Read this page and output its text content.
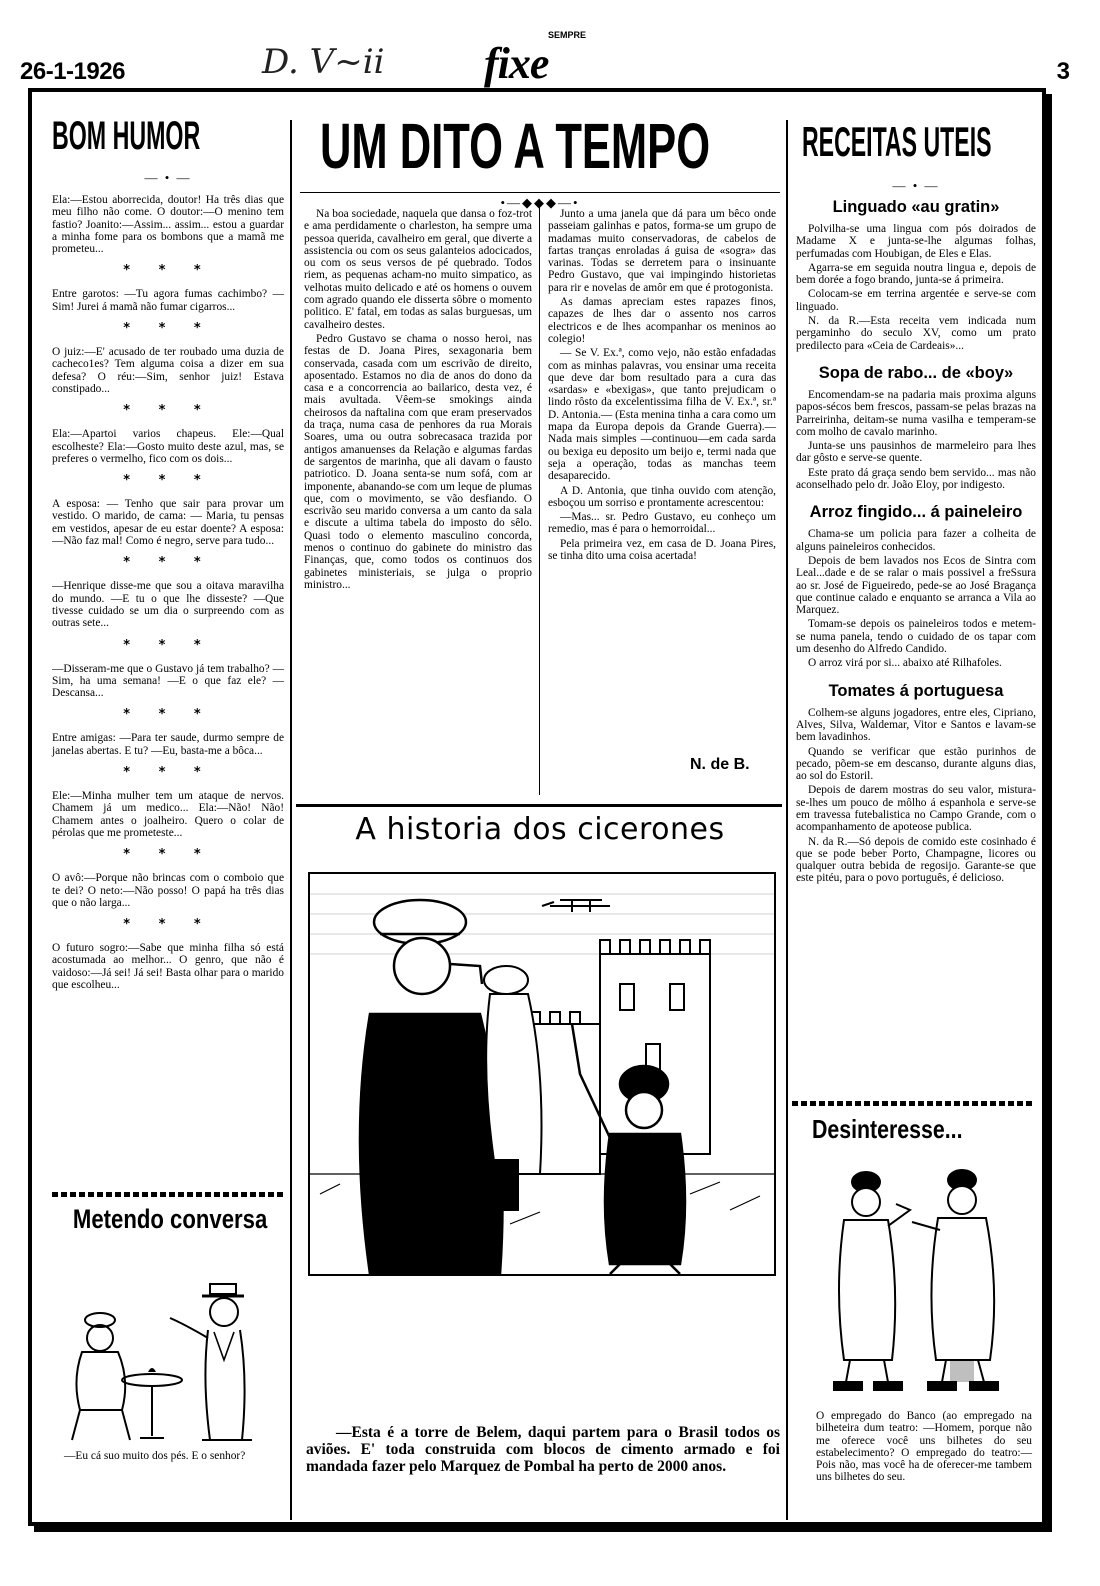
26-1-1926	D. V~ii
SEMPRE
fixe	3
BOM HUMOR
— • —

Ela:—Estou aborrecida, doutor! Ha três dias que meu filho não come. O doutor:—O menino tem fastio? Joanito:—Assim... assim... estou a guardar a minha fome para os bombons que a mamã me prometeu...

* * *

Entre garotos: —Tu agora fumas cachimbo? —Sim! Jurei á mamã não fumar cigarros...

* * *

O juiz:—E' acusado de ter roubado uma duzia de cacheco1es? Tem alguma coisa a dizer em sua defesa? O réu:—Sim, senhor juiz! Estava constipado...

* * *

Ela:—Apartoi varios chapeus. Ele:—Qual escolheste? Ela:—Gosto muito deste azul, mas, se preferes o vermelho, fico com os dois...

* * *

A esposa: — Tenho que sair para provar um vestido. O marido, de cama: — Maria, tu pensas em vestidos, apesar de eu estar doente? A esposa:—Não faz mal! Como é negro, serve para tudo...

* * *

—Henrique disse-me que sou a oitava maravilha do mundo. —E tu o que lhe disseste? —Que tivesse cuidado se um dia o surpreendo com as outras sete...

* * *

—Disseram-me que o Gustavo já tem trabalho? —Sim, ha uma semana! —E o que faz ele? —Descansa...

* * *

Entre amigas: —Para ter saude, durmo sempre de janelas abertas. E tu? —Eu, basta-me a bôca...

* * *

Ele:—Minha mulher tem um ataque de nervos. Chamem já um medico... Ela:—Não! Não! Chamem antes o joalheiro. Quero o colar de pérolas que me prometeste...

* * *

O avô:—Porque não brincas com o comboio que te dei? O neto:—Não posso! O papá ha três dias que o não larga...

* * *

O futuro sogro:—Sabe que minha filha só está acostumada ao melhor... O genro, que não é vaidoso:—Já sei! Já sei! Basta olhar para o marido que escolheu...

Metendo conversa
—Eu cá suo muito dos pés. E o senhor?
UM DITO A TEMPO
•—◆◆◆—•

Na boa sociedade, naquela que dansa o foz-trot e ama perdidamente o charleston, ha sempre uma pessoa querida, cavalheiro em geral, que diverte a assistencia ou com os seus galanteios adocicados, ou com os seus versos de pé quebrado. Todos riem, as pequenas acham-no muito simpatico, as velhotas muito delicado e até os homens o ouvem com agrado quando ele disserta sôbre o momento politico. E' fatal, em todas as salas burguesas, um cavalheiro destes.

Pedro Gustavo se chama o nosso heroi, nas festas de D. Joana Pires, sexagonaria bem conservada, casada com um escrivão de direito, aposentado. Estamos no dia de anos do dono da casa e a concorrencia ao bailarico, desta vez, é mais avultada. Vêem-se smokings ainda cheirosos da naftalina com que eram preservados da traça, numa casa de penhores da rua Morais Soares, uma ou outra sobrecasaca trazida por antigos amanuenses da Relação e algumas fardas de sargentos de marinha, que ali davam o fausto patriotico. D. Joana senta-se num sofá, com ar imponente, abanando-se com um leque de plumas que, com o movimento, se vão desfiando. O escrivão seu marido conversa a um canto da sala e discute a ultima tabela do imposto do sêlo. Quasi todo o elemento masculino concorda, menos o continuo do gabinete do ministro das Finanças, que, como todos os continuos dos gabinetes ministeriais, se julga o proprio ministro...

Junto a uma janela que dá para um bêco onde passeiam galinhas e patos, forma-se um grupo de madamas muito conservadoras, de cabelos de fartas tranças enroladas á guisa de «sogra» das varinas. Todas se derretem para o insinuante Pedro Gustavo, que vai impingindo historietas para rir e novelas de amôr em que é protogonista.

As damas apreciam estes rapazes finos, capazes de lhes dar o assento nos carros electricos e de lhes acompanhar os meninos ao colegio!

— Se V. Ex.ª, como vejo, não estão enfadadas com as minhas palavras, vou ensinar uma receita que deve dar bom resultado para a cura das «sardas» e «bexigas», que tanto prejudicam o lindo rôsto da excelentissima filha de V. Ex.ª, sr.ª D. Antonia.— (Esta menina tinha a cara como um mapa da Europa depois da Grande Guerra).—Nada mais simples —continuou—em cada sarda ou bexiga eu deposito um beijo e, termi nada que seja a operação, todas as manchas teem desaparecido.

A D. Antonia, que tinha ouvido com atenção, esboçou um sorriso e prontamente acrescentou:

—Mas... sr. Pedro Gustavo, eu conheço um remedio, mas é para o hemorroidal...

Pela primeira vez, em casa de D. Joana Pires, se tinha dito uma coisa acertada!

N. de B.
A historia dos cicerones
—Esta é a torre de Belem, daqui partem para o Brasil todos os aviões. E' toda construida com blocos de cimento armado e foi mandada fazer pelo Marquez de Pombal ha perto de 2000 anos.
RECEITAS UTEIS
— • —
Linguado «au gratin»

Polvilha-se uma lingua com pós doirados de Madame X e junta-se-lhe algumas folhas, perfumadas com Houbigan, de Eles e Elas.

Agarra-se em seguida noutra lingua e, depois de bem dorée a fogo brando, junta-se á primeira.

Colocam-se em terrina argentée e serve-se com linguado.

N. da R.—Esta receita vem indicada num pergaminho do seculo XV, como um prato predilecto para «Ceia de Cardeais»...

Sopa de rabo... de «boy»

Encomendam-se na padaria mais proxima alguns papos-sécos bem frescos, passam-se pelas brazas na Parreirinha, deitam-se numa vasilha e temperam-se com molho de cavalo marinho.

Junta-se uns pausinhos de marmeleiro para lhes dar gôsto e serve-se quente.

Este prato dá graça sendo bem servido... mas não aconselhado pelo dr. João Eloy, por indigesto.

Arroz fingido... á paineleiro

Chama-se um policia para fazer a colheita de alguns paineleiros conhecidos.

Depois de bem lavados nos Ecos de Sintra com Leal...dade e de se ralar o mais possivel a freSsura ao sr. José de Figueiredo, pede-se ao José Bragança que continue calado e enquanto se arranca a Vila ao Marquez.

Tomam-se depois os paineleiros todos e metem-se numa panela, tendo o cuidado de os tapar com um desenho do Alfredo Candido.

O arroz virá por si... abaixo até Rilhafoles.

Tomates á portuguesa

Colhem-se alguns jogadores, entre eles, Cipriano, Alves, Silva, Waldemar, Vitor e Santos e lavam-se bem lavadinhos.

Quando se verificar que estão purinhos de pecado, põem-se em descanso, durante alguns dias, ao sol do Estoril.

Depois de darem mostras do seu valor, mistura-se-lhes um pouco de môlho á espanhola e serve-se em travessa futebalistica no Campo Grande, com o acompanhamento de apoteose publica.

N. da R.—Só depois de comido este cosinhado é que se pode beber Porto, Champagne, licores ou qualquer outra bebida de regosijo. Garante-se que este pitéu, para o povo português, é delicioso.

Desinteresse...
O empregado do Banco (ao empregado na bilheteira dum teatro: —Homem, porque não me oferece você uns bilhetes do seu estabelecimento? O empregado do teatro:—Pois não, mas você ha de oferecer-me tambem uns bilhetes do seu.
